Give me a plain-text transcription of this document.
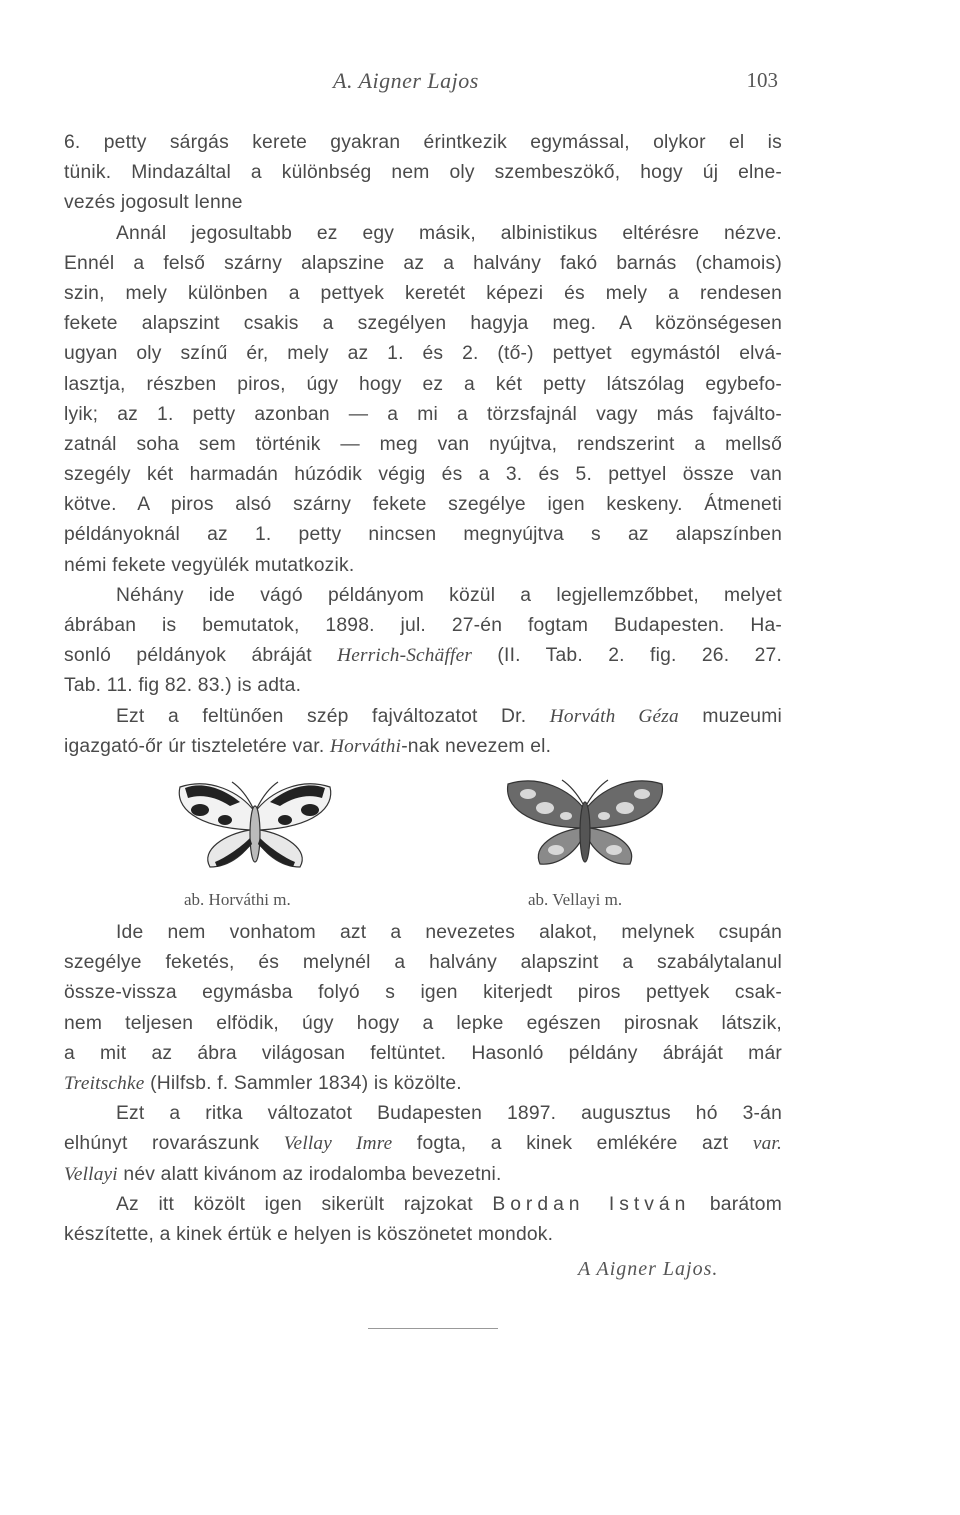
A. Aigner Lajos	103
6. petty sárgás kerete gyakran érintkezik egymással, olykor el is
tünik. Mindazáltal a különbség nem oly szembeszökő, hogy új elne-
vezés jogosult lenne
Annál jegosultabb ez egy másik, albinistikus eltérésre nézve.
Ennél a felső szárny alapszine az a halvány fakó barnás (chamois)
szin, mely különben a pettyek keretét képezi és mely a rendesen
fekete alapszint csakis a szegélyen hagyja meg. A közönségesen
ugyan oly színű ér, mely az 1. és 2. (tő-) pettyet egymástól elvá-
lasztja, részben piros, úgy hogy ez a két petty látszólag egybefo-
lyik; az 1. petty azonban — a mi a törzsfajnál vagy más fajválto-
zatnál soha sem történik — meg van nyújtva, rendszerint a mellső
szegély két harmadán húzódik végig és a 3. és 5. pettyel össze van
kötve. A piros alsó szárny fekete szegélye igen keskeny. Átmeneti
példányoknál az 1. petty nincsen megnyújtva s az alapszínben
némi fekete vegyülék mutatkozik.
Néhány ide vágó példányom közül a legjellemzőbbet, melyet
ábrában is bemutatok, 1898. jul. 27-én fogtam Budapesten. Ha-
sonló példányok ábráját Herrich-Schäffer (II. Tab. 2. fig. 26. 27.
Tab. 11. fig 82. 83.) is adta.
Ezt a feltünően szép fajváltozatot Dr. Horváth Géza muzeumi
igazgató-őr úr tiszteletére var. Horváthi-nak nevezem el.
ab. Horváthi m.	ab. Vellayi m.
Ide nem vonhatom azt a nevezetes alakot, melynek csupán
szegélye feketés, és melynél a halvány alapszint a szabálytalanul
össze-vissza egymásba folyó s igen kiterjedt piros pettyek csak-
nem teljesen elfödik, úgy hogy a lepke egészen pirosnak látszik,
a mit az ábra világosan feltüntet. Hasonló példány ábráját már
Treitschke (Hilfsb. f. Sammler 1834) is közölte.
Ezt a ritka változatot Budapesten 1897. augusztus hó 3-án
elhúnyt rovarászunk Vellay Imre fogta, a kinek emlékére azt var.
Vellayi név alatt kivánom az irodalomba bevezetni.
Az itt közölt igen sikerült rajzokat Bordan István barátom
készítette, a kinek értük e helyen is köszönetet mondok.
A Aigner Lajos.
